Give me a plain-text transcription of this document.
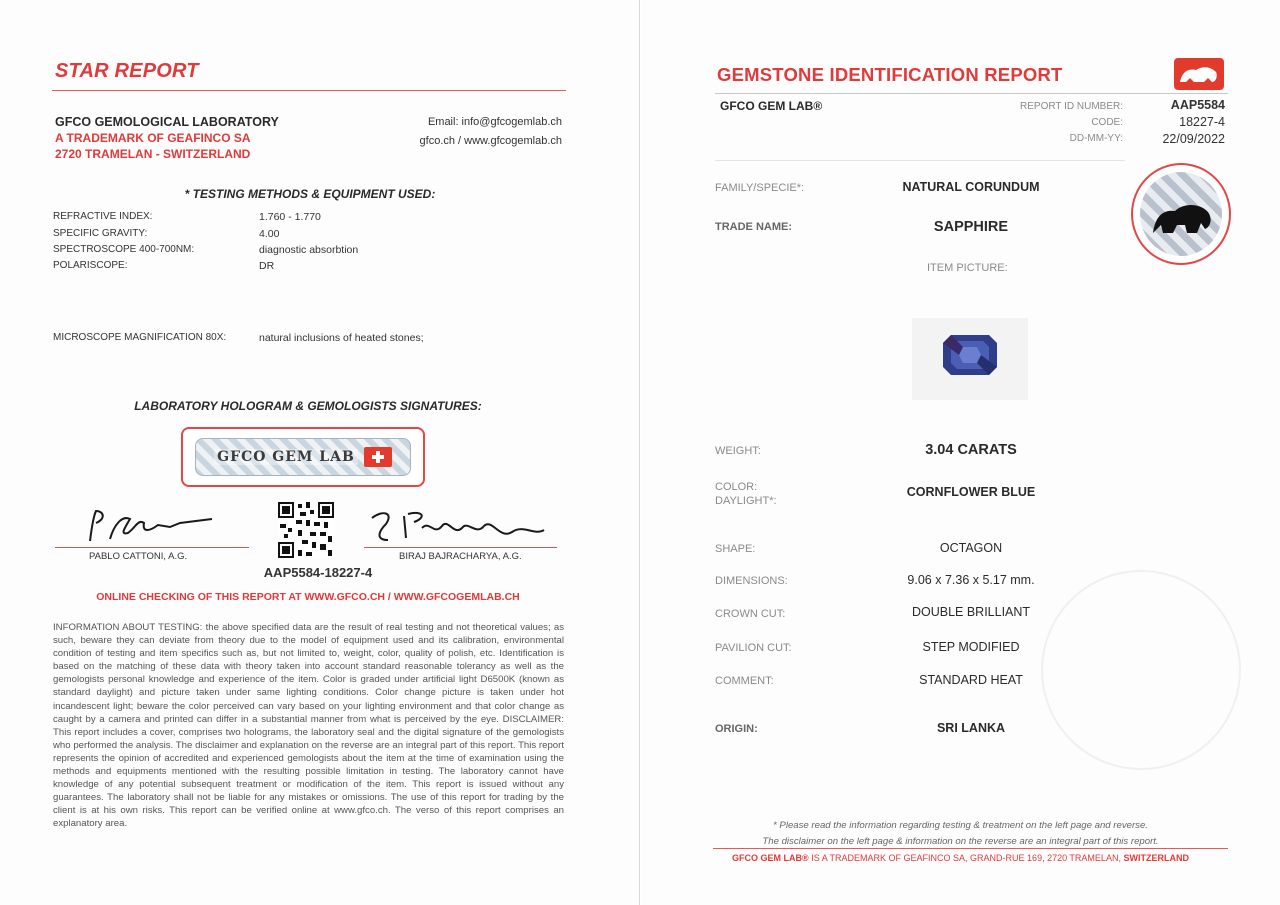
STAR REPORT
GFCO GEMOLOGICAL LABORATORY
A TRADEMARK OF GEAFINCO SA
2720 TRAMELAN - SWITZERLAND
Email: info@gfcogemlab.ch
gfco.ch / www.gfcogemlab.ch
* TESTING METHODS & EQUIPMENT USED:
REFRACTIVE INDEX:	1.760 - 1.770
SPECIFIC GRAVITY:	4.00
SPECTROSCOPE 400-700NM:	diagnostic absorbtion
POLARISCOPE:	DR
MICROSCOPE MAGNIFICATION 80X:	natural inclusions of heated stones;
LABORATORY HOLOGRAM & GEMOLOGISTS SIGNATURES:
GFCO GEM LAB
PABLO CATTONI, A.G.	BIRAJ BAJRACHARYA, A.G.
AAP5584-18227-4
ONLINE CHECKING OF THIS REPORT AT WWW.GFCO.CH / WWW.GFCOGEMLAB.CH
INFORMATION ABOUT TESTING: the above specified data are the result of real testing and not theoretical values; as such, beware they can deviate from theory due to the model of equipment used and its calibration, environmental condition of testing and item specifics such as, but not limited to, weight, color, quality of polish, etc. Identification is based on the matching of these data with theory taken into account standard reasonable tolerancy as well as the gemologists personal knowledge and experience of the item. Color is graded under artificial light D6500K (known as standard daylight) and picture taken under same lighting conditions. Color change picture is taken under hot incandescent light; beware the color perceived can vary based on your lighting environment and that color change as caught by a camera and printed can differ in a substantial manner from what is perceived by the eye. DISCLAIMER: This report includes a cover, comprises two holograms, the laboratory seal and the digital signature of the gemologists who performed the analysis. The disclaimer and explanation on the reverse are an integral part of this report. This report represents the opinion of accredited and experienced gemologists about the item at the time of examination using the methods and equipments mentioned with the resulting possible limitation in testing. The laboratory cannot have knowledge of any potential subsequent treatment or modification of the item. This report is issued without any guarantees. The laboratory shall not be liable for any mistakes or omissions. The use of this report for trading by the client is at his own risks. This report can be verified online at www.gfco.ch. The verso of this report comprises an explanatory area.
GEMSTONE IDENTIFICATION REPORT
GFCO GEM LAB®	REPORT ID NUMBER:	AAP5584
CODE:	18227-4
DD-MM-YY:	22/09/2022
FAMILY/SPECIE*:	NATURAL CORUNDUM
TRADE NAME:	SAPPHIRE
ITEM PICTURE:
WEIGHT:	3.04 CARATS
COLOR:
DAYLIGHT*:
CORNFLOWER BLUE
SHAPE:	OCTAGON
DIMENSIONS:	9.06 x 7.36 x 5.17 mm.
CROWN CUT:	DOUBLE BRILLIANT
PAVILION CUT:	STEP MODIFIED
COMMENT:	STANDARD HEAT
ORIGIN:	SRI LANKA
* Please read the information regarding testing & treatment on the left page and reverse.
The disclaimer on the left page & information on the reverse are an integral part of this report.
GFCO GEM LAB® IS A TRADEMARK OF GEAFINCO SA, GRAND-RUE 169, 2720 TRAMELAN, SWITZERLAND
